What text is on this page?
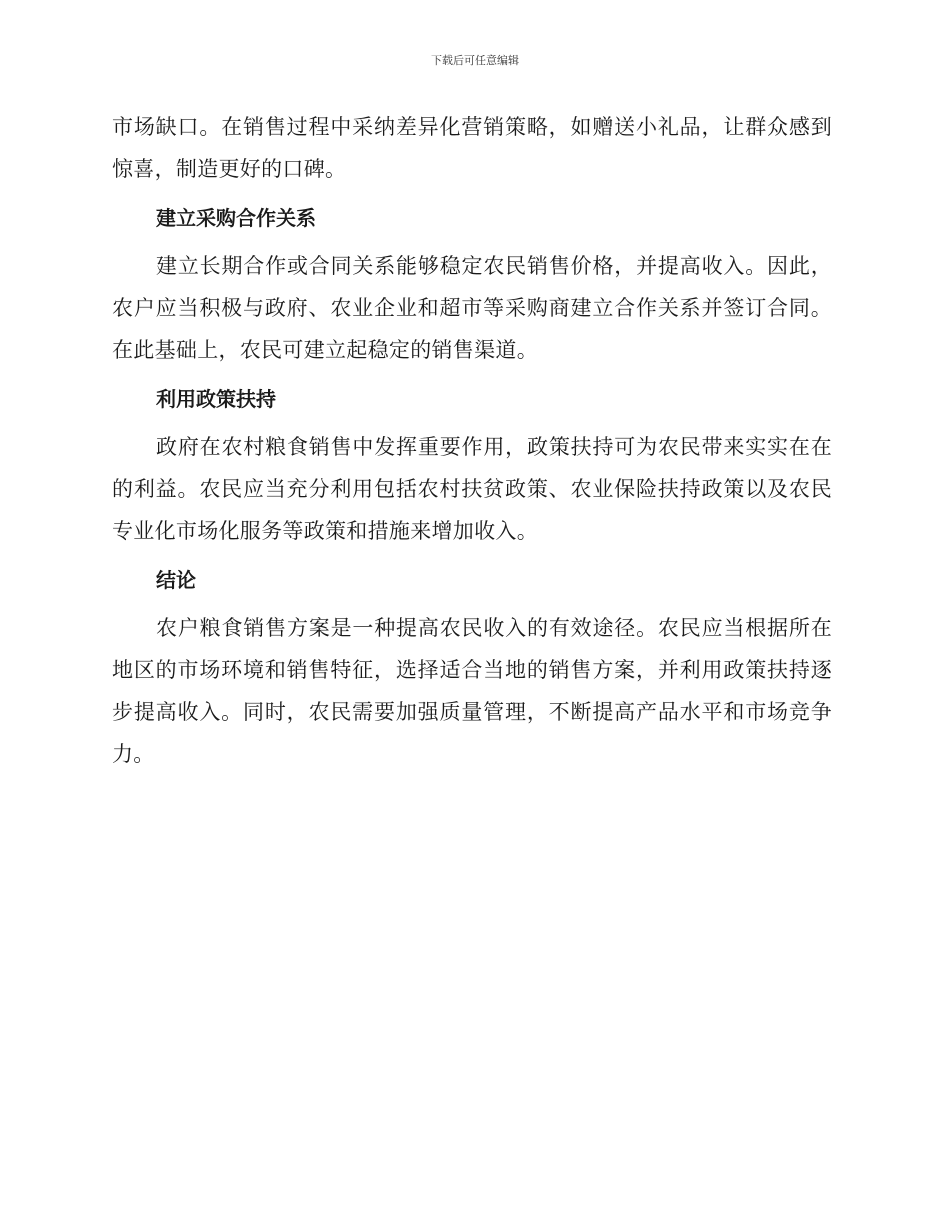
下载后可任意编辑

市场缺口。在销售过程中采纳差异化营销策略，如赠送小礼品，让群众感到惊喜，制造更好的口碑。

建立采购合作关系

建立长期合作或合同关系能够稳定农民销售价格，并提高收入。因此，农户应当积极与政府、农业企业和超市等采购商建立合作关系并签订合同。在此基础上，农民可建立起稳定的销售渠道。

利用政策扶持

政府在农村粮食销售中发挥重要作用，政策扶持可为农民带来实实在在的利益。农民应当充分利用包括农村扶贫政策、农业保险扶持政策以及农民专业化市场化服务等政策和措施来增加收入。

结论

农户粮食销售方案是一种提高农民收入的有效途径。农民应当根据所在地区的市场环境和销售特征，选择适合当地的销售方案，并利用政策扶持逐步提高收入。同时，农民需要加强质量管理，不断提高产品水平和市场竞争力。
